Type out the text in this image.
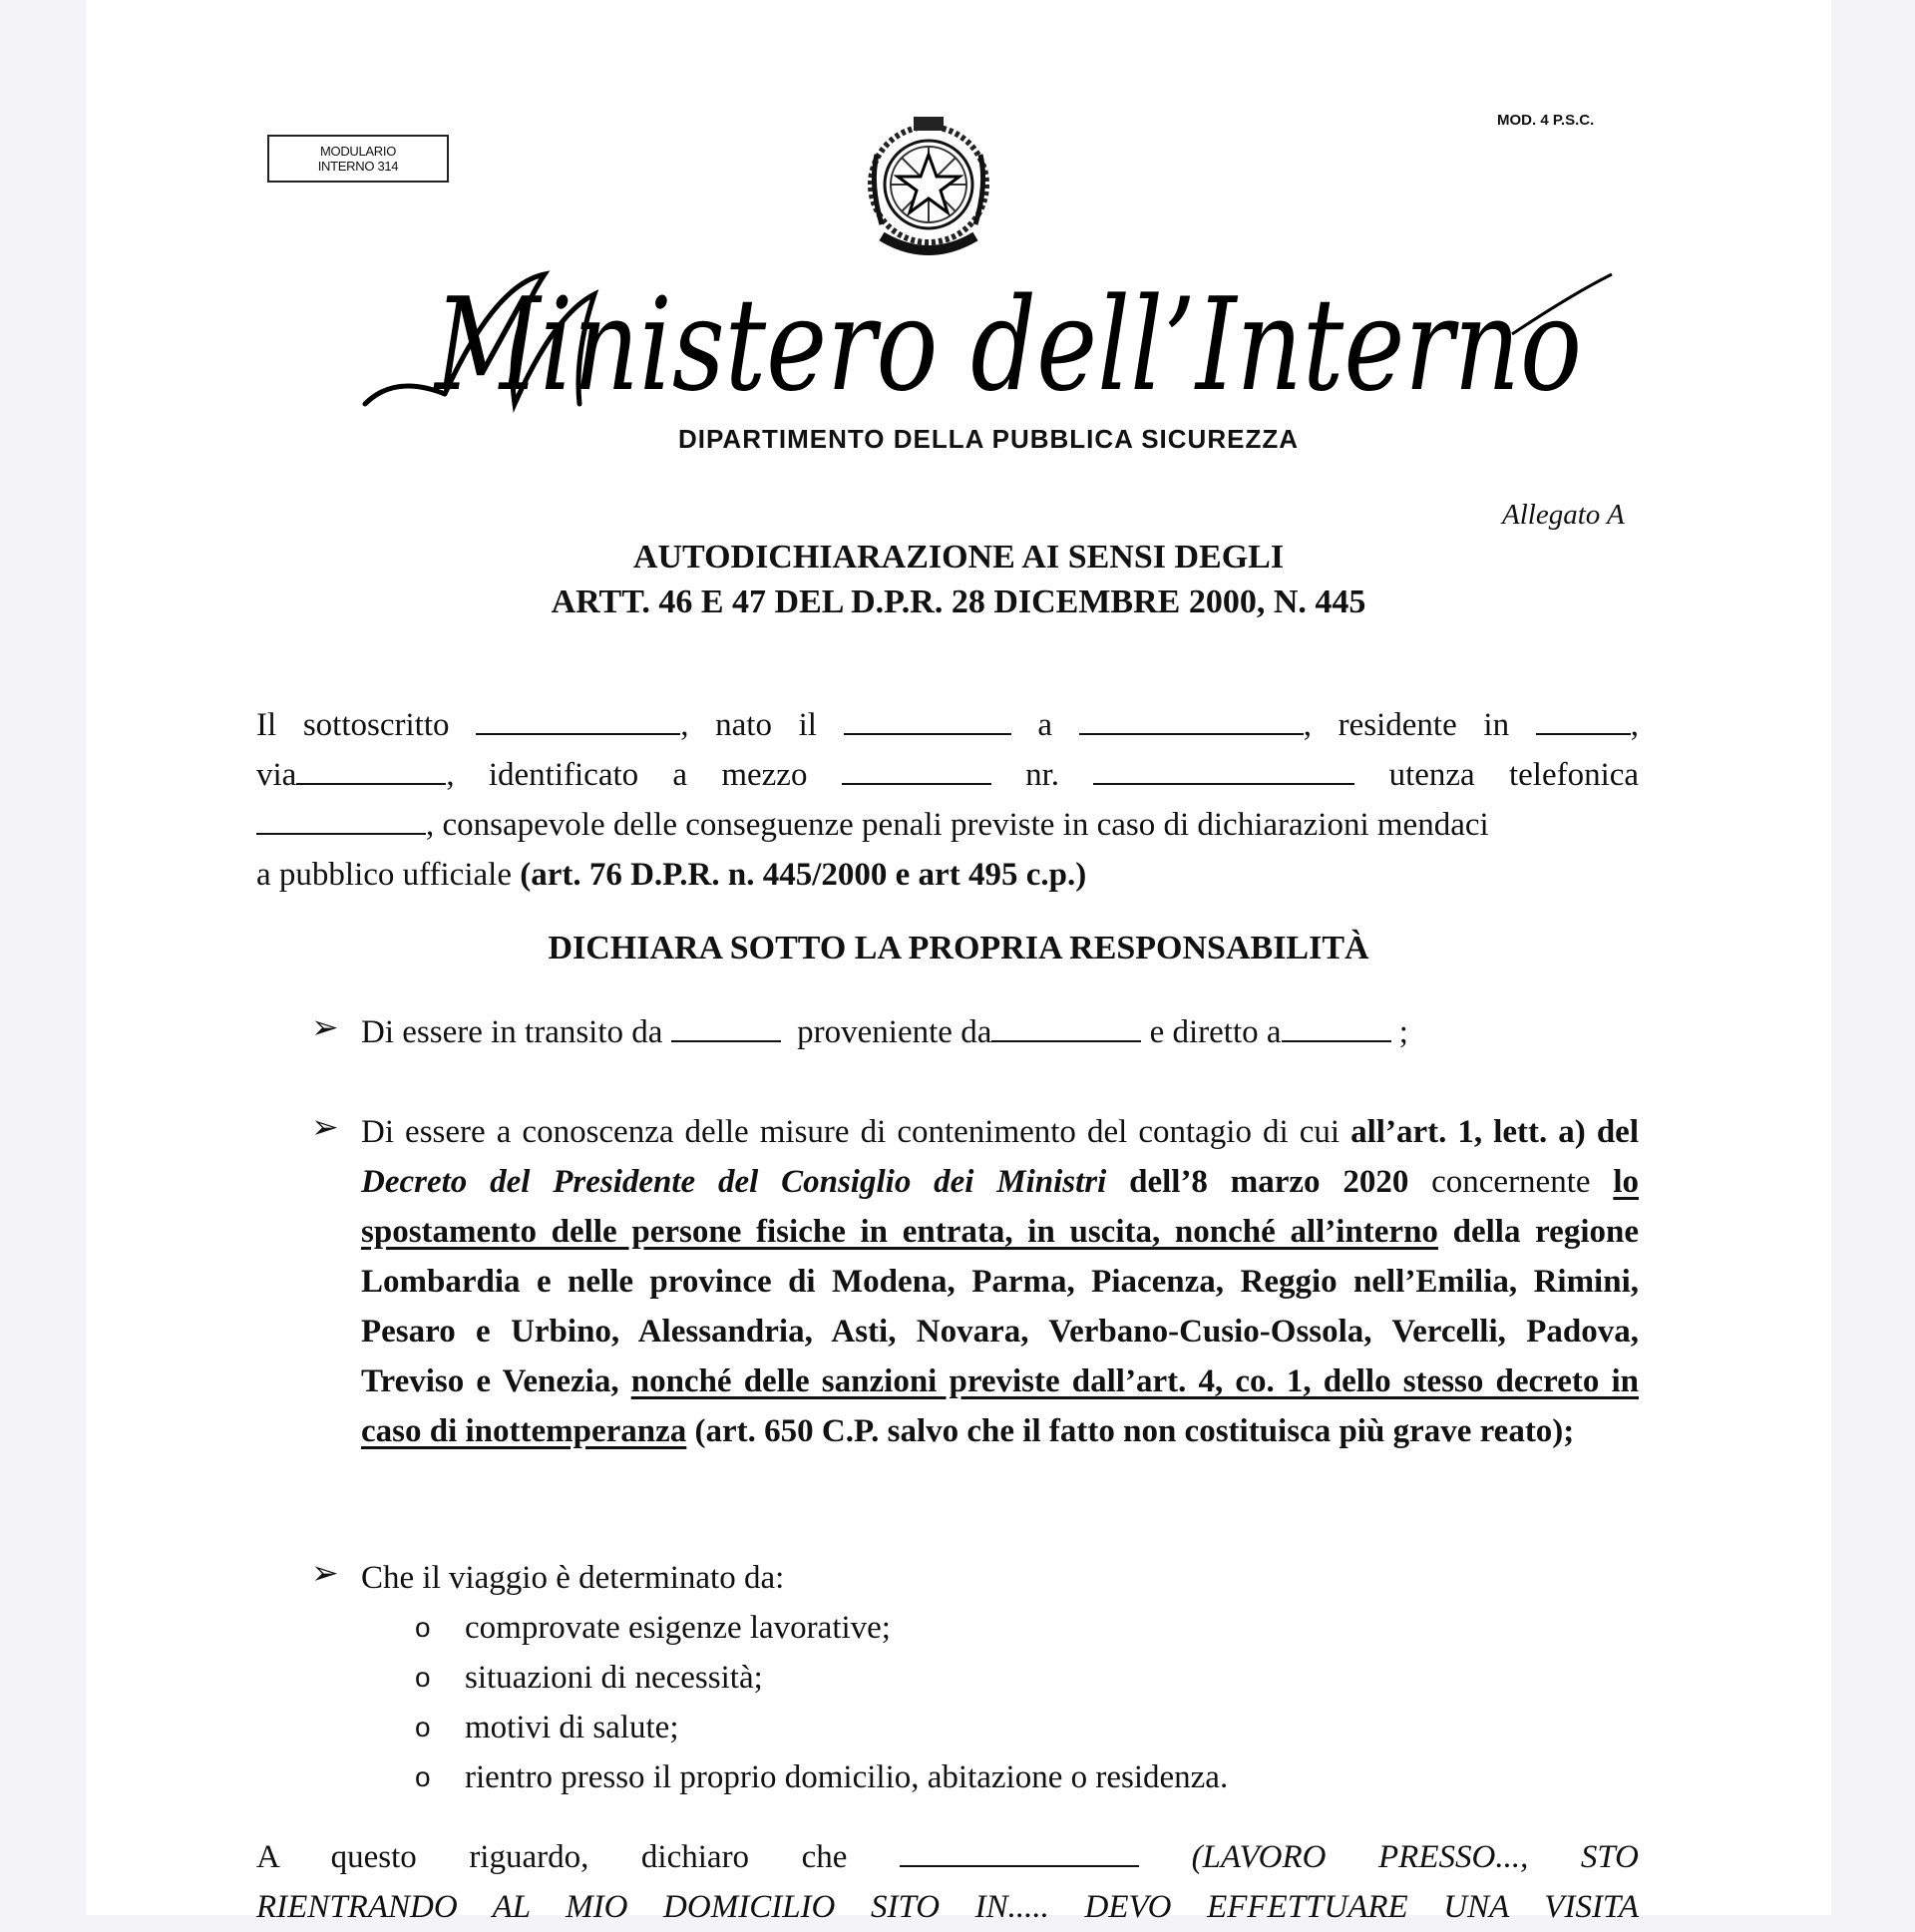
MODULARIO
INTERNO 314
MOD. 4 P.S.C.
Ministero dell’Interno
DIPARTIMENTO DELLA PUBBLICA SICUREZZA
Allegato A
AUTODICHIARAZIONE AI SENSI DEGLI
ARTT. 46 E 47 DEL D.P.R. 28 DICEMBRE 2000, N. 445
Il sottoscritto	, nato il	a	, residente in	,
via	, identificato a mezzo	nr.	utenza telefonica
, consapevole delle conseguenze penali previste in caso di dichiarazioni mendaci
a pubblico ufficiale (art. 76 D.P.R. n. 445/2000 e art 495 c.p.)
DICHIARA SOTTO LA PROPRIA RESPONSABILITÀ
➢ Di essere in transito da	proveniente da	e diretto a	;
➢ Di essere a conoscenza delle misure di contenimento del contagio di cui all’art. 1, lett. a) del Decreto del Presidente del Consiglio dei Ministri dell’8 marzo 2020 concernente lo spostamento delle persone fisiche in entrata, in uscita, nonché all’interno della regione Lombardia e nelle province di Modena, Parma, Piacenza, Reggio nell’Emilia, Rimini, Pesaro e Urbino, Alessandria, Asti, Novara, Verbano-Cusio-Ossola, Vercelli, Padova, Treviso e Venezia, nonché delle sanzioni previste dall’art. 4, co. 1, dello stesso decreto in caso di inottemperanza (art. 650 C.P. salvo che il fatto non costituisca più grave reato);
➢ Che il viaggio è determinato da:
o comprovate esigenze lavorative;
o situazioni di necessità;
o motivi di salute;
o rientro presso il proprio domicilio, abitazione o residenza.
A questo riguardo, dichiaro che	(LAVORO PRESSO..., STO
RIENTRANDO AL MIO DOMICILIO SITO IN..... DEVO EFFETTUARE UNA VISITA
